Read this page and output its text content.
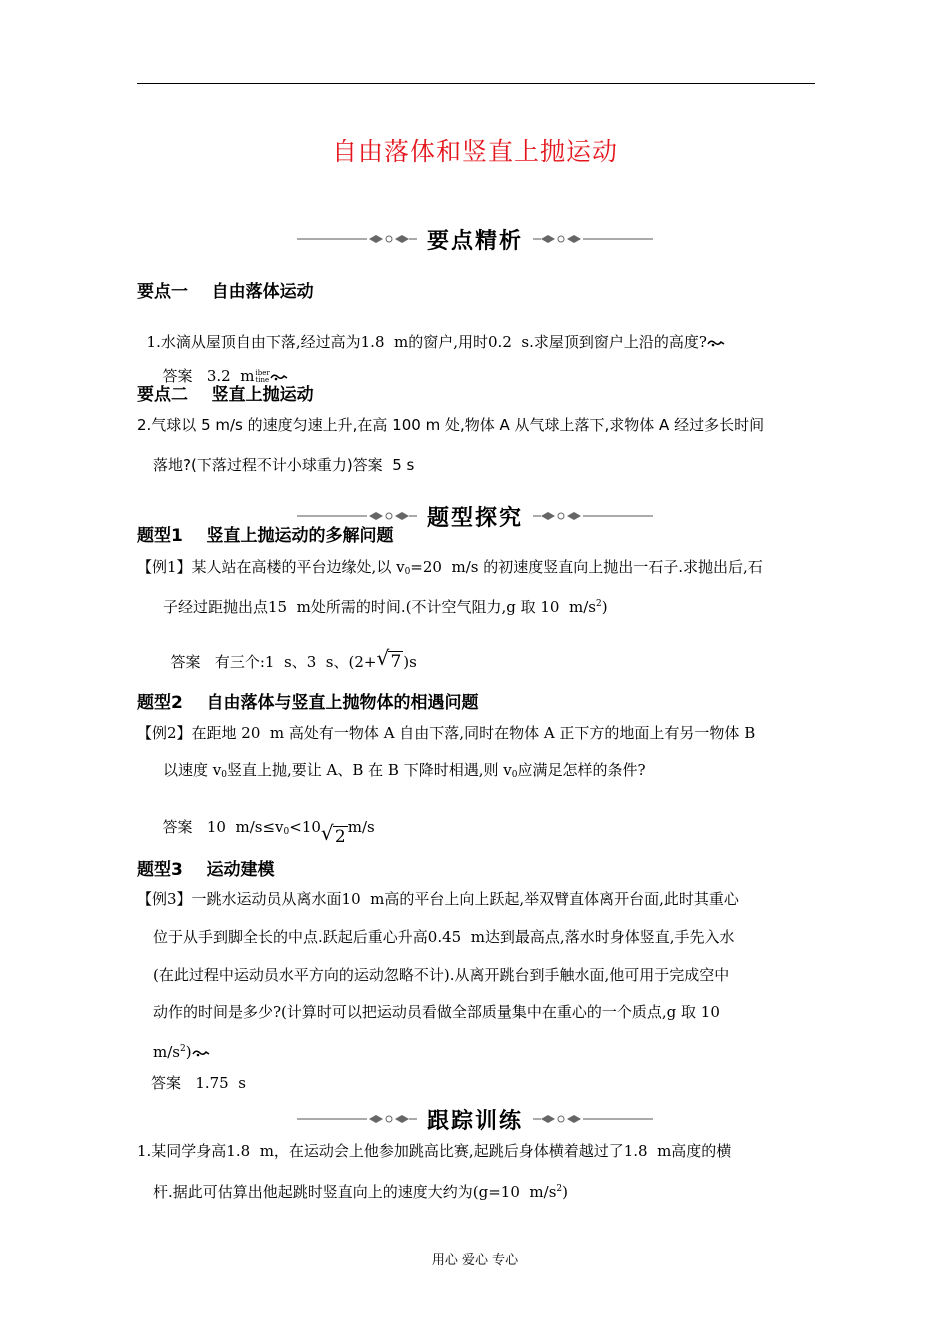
自由落体和竖直上抛运动
要点精析
要点一    自由落体运动

1.水滴从屋顶自由下落,经过高为1.8  m的窗户,用时0.2  s.求屋顶到窗户上沿的高度?

答案 3.2  miber
tine

要点二    竖直上抛运动
2.气球以 5 m/s 的速度匀速上升,在高 100 m 处,物体 A 从气球上落下,求物体 A 经过多长时间
落地?(下落过程不计小球重力)答案  5 s
题型探究
题型1    竖直上抛运动的多解问题
【例1】某人站在高楼的平台边缘处,以 $v_0=20$  m/s 的初速度竖直向上抛出一石子.求抛出后,石
子经过距抛出点15  m处所需的时间.(不计空气阻力,g 取 10  $m/s^2$)

答案 有三个:1  s、3  s、(2+ √ 7 )s

题型2    自由落体与竖直上抛物体的相遇问题
【例2】在距地 20  m 高处有一物体 A 自由下落,同时在物体 A 正下方的地面上有另一物体 B
以速度 $v_0$竖直上抛,要让 A、B 在 B 下降时相遇,则 $v_0$应满足怎样的条件?

答案 10  $m/s\le v_0<10$ √ 2 m/s

题型3    运动建模
【例3】一跳水运动员从离水面10  m高的平台上向上跃起,举双臂直体离开台面,此时其重心
位于从手到脚全长的中点.跃起后重心升高0.45  m达到最高点,落水时身体竖直,手先入水
(在此过程中运动员水平方向的运动忽略不计).从离开跳台到手触水面,他可用于完成空中
动作的时间是多少?(计算时可以把运动员看做全部质量集中在重心的一个质点,g 取 10
$m/s^2$)
答案 1.75  s
跟踪训练
1.某同学身高1.8  m，在运动会上他参加跳高比赛,起跳后身体横着越过了1.8  m高度的横
杆.据此可估算出他起跳时竖直向上的速度大约为(g=10  $m/s^2$)
用心 爱心 专心
